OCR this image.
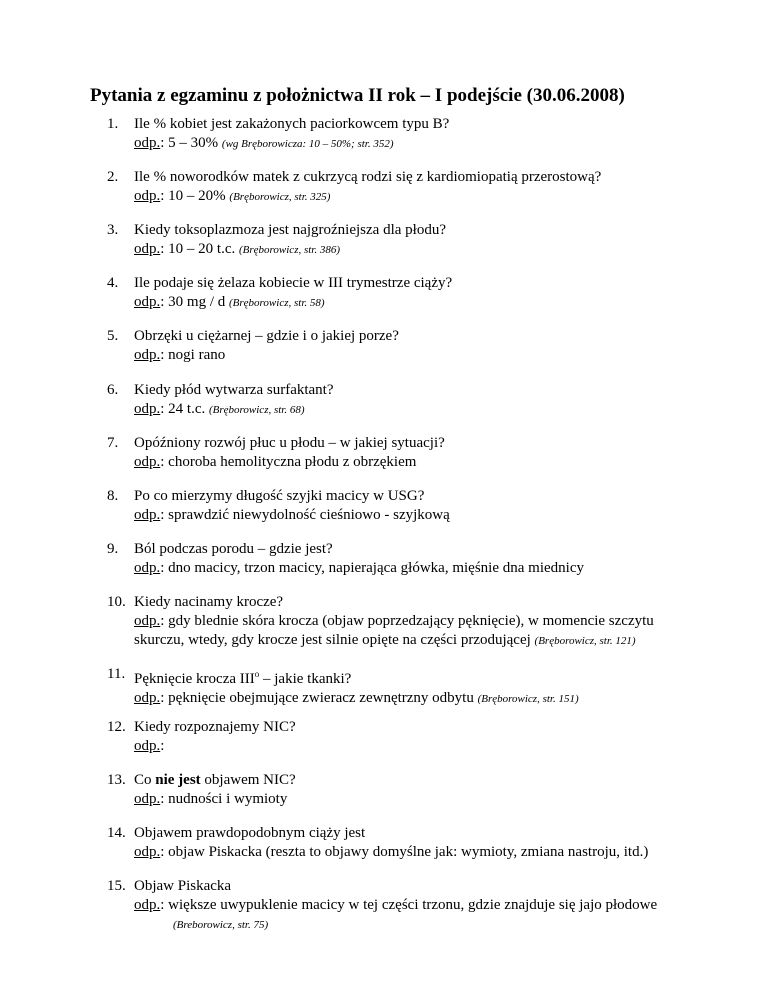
Pytania z egzaminu z położnictwa II rok – I podejście (30.06.2008)
1. Ile % kobiet jest zakażonych paciorkowcem typu B?
odp.: 5 – 30% (wg Bręborowicza: 10 – 50%; str. 352)
2. Ile % noworodków matek z cukrzycą rodzi się z kardiomiopatią przerostową?
odp.: 10 – 20% (Bręborowicz, str. 325)
3. Kiedy toksoplazmoza jest najgroźniejsza dla płodu?
odp.: 10 – 20 t.c. (Bręborowicz, str. 386)
4. Ile podaje się żelaza kobiecie w III trymestrze ciąży?
odp.: 30 mg / d (Bręborowicz, str. 58)
5. Obrzęki u ciężarnej – gdzie i o jakiej porze?
odp.: nogi rano
6. Kiedy płód wytwarza surfaktant?
odp.: 24 t.c. (Bręborowicz, str. 68)
7. Opóźniony rozwój płuc u płodu – w jakiej sytuacji?
odp.: choroba hemolityczna płodu z obrzękiem
8. Po co mierzymy długość szyjki macicy w USG?
odp.: sprawdzić niewydolność cieśniowo - szyjkową
9. Ból podczas porodu – gdzie jest?
odp.: dno macicy, trzon macicy, napierająca główka, mięśnie dna miednicy
10. Kiedy nacinamy krocze?
odp.: gdy blednie skóra krocza (objaw poprzedzający pęknięcie), w momencie szczytu skurczu, wtedy, gdy krocze jest silnie opięte na części przodującej (Bręborowicz, str. 121)
11. Pęknięcie krocza III$^o$ – jakie tkanki?
odp.: pęknięcie obejmujące zwieracz zewnętrzny odbytu (Bręborowicz, str. 151)
12. Kiedy rozpoznajemy NIC?
odp.:
13. Co nie jest objawem NIC?
odp.: nudności i wymioty
14. Objawem prawdopodobnym ciąży jest
odp.: objaw Piskacka (reszta to objawy domyślne jak: wymioty, zmiana nastroju, itd.)
15. Objaw Piskacka
odp.: większe uwypuklenie macicy w tej części trzonu, gdzie znajduje się jajo płodowe
(Breborowicz, str. 75)
